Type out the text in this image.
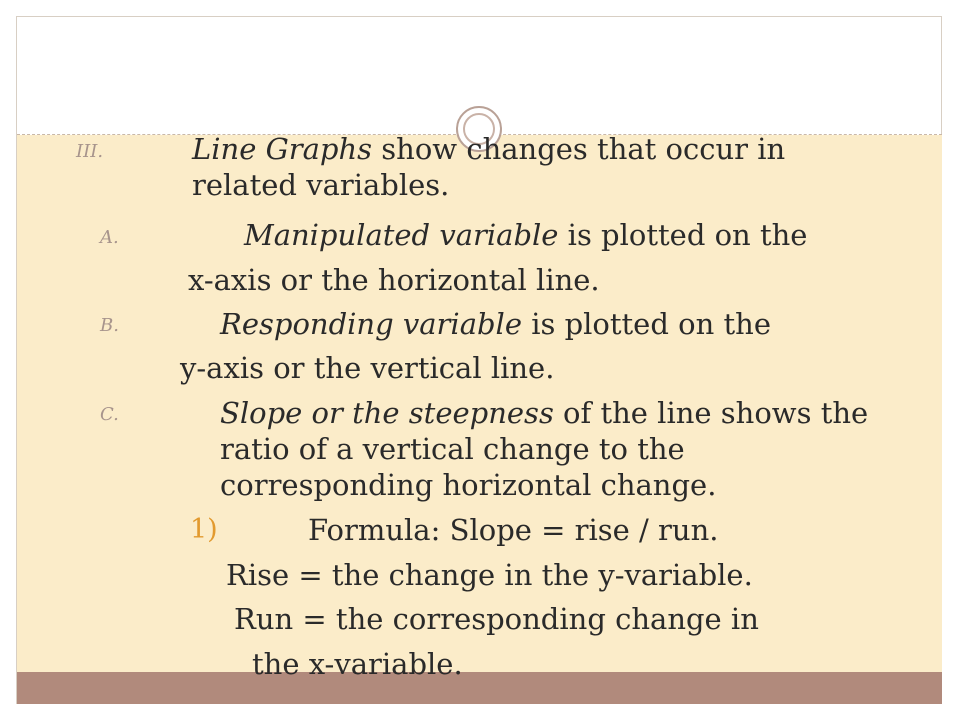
III.	Line Graphs show changes that occur in
related variables.
A.	Manipulated variable is plotted on the
x-axis or the horizontal line.
B.	Responding variable is plotted on the
y-axis or the vertical line.
C.	Slope or the steepness of the line shows the
ratio of a vertical change to the
corresponding horizontal change.
1)	Formula: Slope = rise / run.
Rise = the change in the y-variable.
Run = the corresponding change in
the x-variable.
